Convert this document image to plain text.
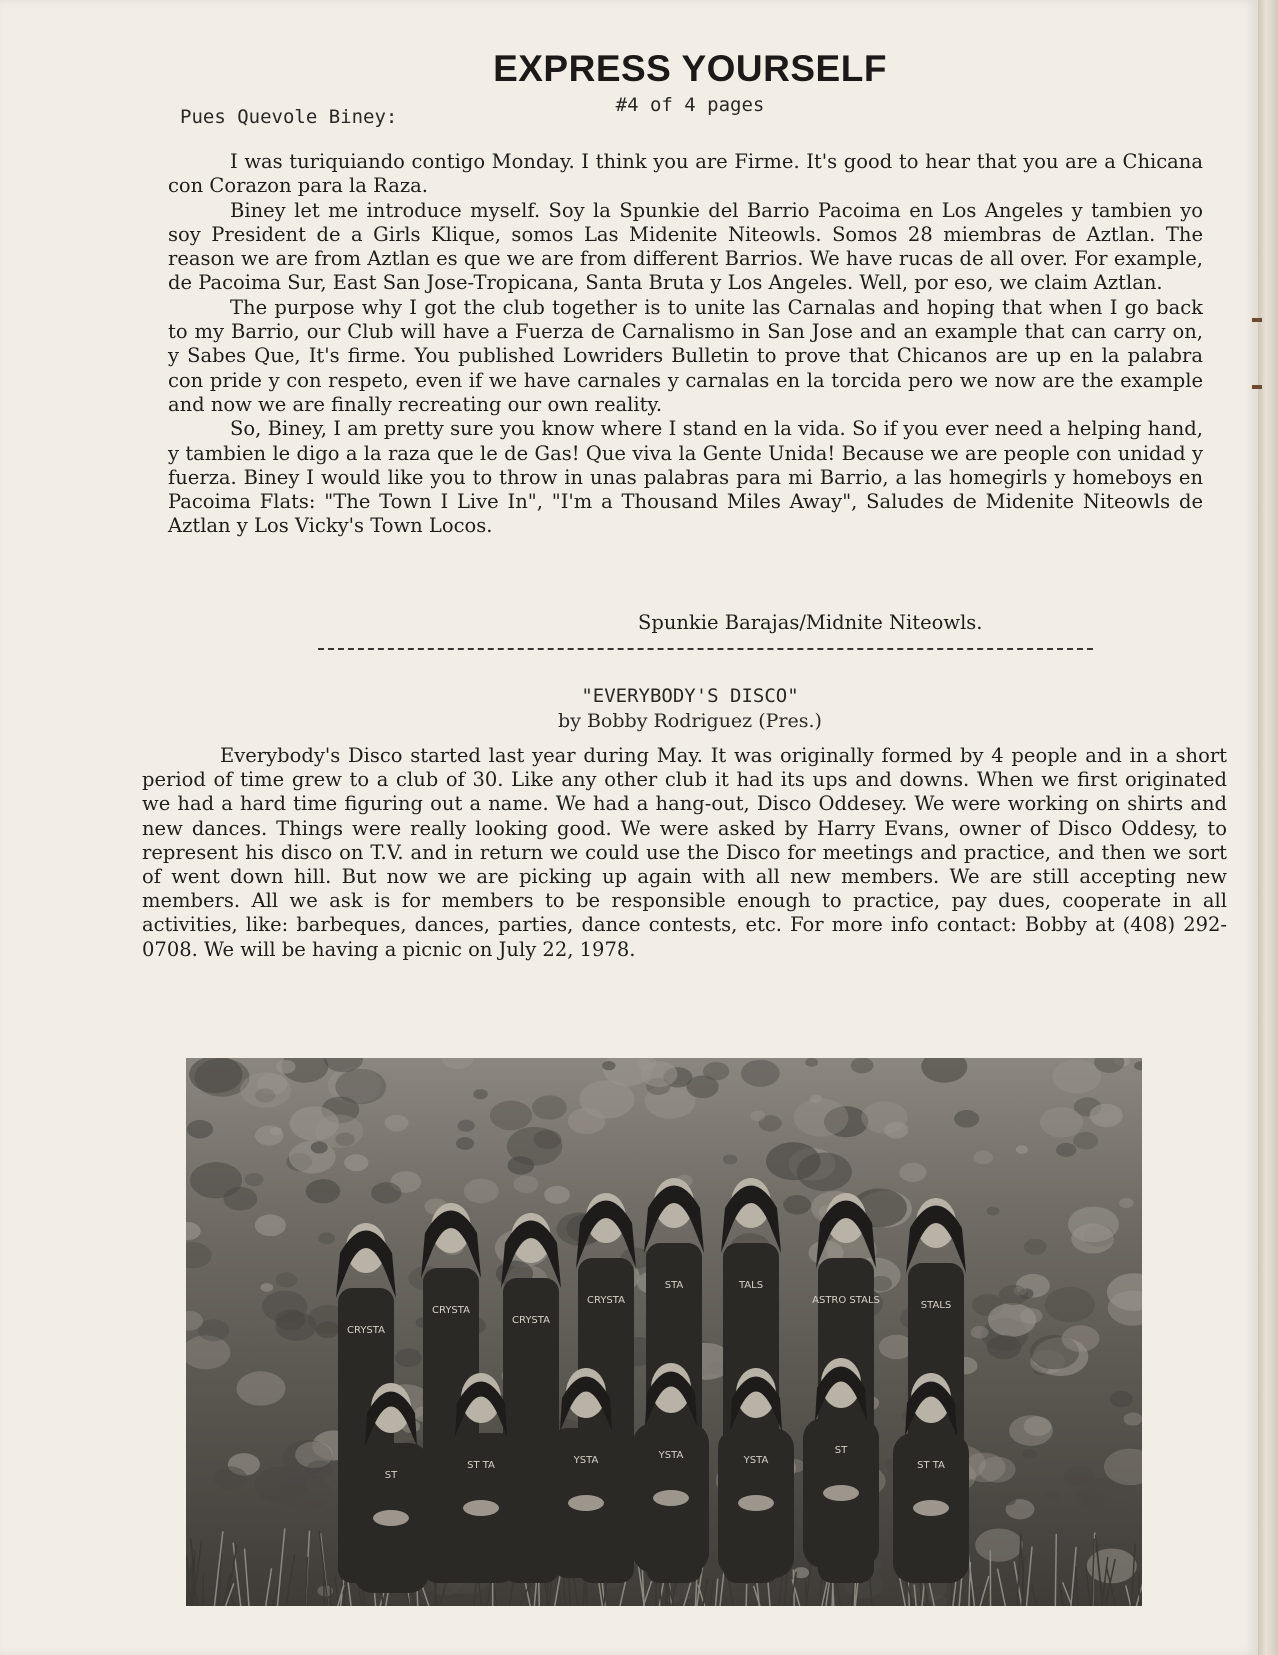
EXPRESS YOURSELF
#4 of 4 pages
Pues Quevole Biney:

I was turiquiando contigo Monday. I think you are Firme. It's good to hear that you are a Chicana con Corazon para la Raza.

Biney let me introduce myself. Soy la Spunkie del Barrio Pacoima en Los Angeles y tambien yo soy President de a Girls Klique, somos Las Midenite Niteowls. Somos 28 miembras de Aztlan. The reason we are from Aztlan es que we are from different Barrios. We have rucas de all over. For example, de Pacoima Sur, East San Jose-Tropicana, Santa Bruta y Los Angeles. Well, por eso, we claim Aztlan.

The purpose why I got the club together is to unite las Carnalas and hoping that when I go back to my Barrio, our Club will have a Fuerza de Carnalismo in San Jose and an example that can carry on, y Sabes Que, It's firme. You published Lowriders Bulletin to prove that Chicanos are up en la palabra con pride y con respeto, even if we have carnales y carnalas en la torcida pero we now are the example and now we are finally recreating our own reality.

So, Biney, I am pretty sure you know where I stand en la vida. So if you ever need a helping hand, y tambien le digo a la raza que le de Gas! Que viva la Gente Unida! Because we are people con unidad y fuerza. Biney I would like you to throw in unas palabras para mi Barrio, a las homegirls y homeboys en Pacoima Flats: "The Town I Live In", "I'm a Thousand Miles Away", Saludes de Midenite Niteowls de Aztlan y Los Vicky's Town Locos.

Spunkie Barajas/Midnite Niteowls.
"EVERYBODY'S DISCO"
by Bobby Rodriguez (Pres.)

Everybody's Disco started last year during May. It was originally formed by 4 people and in a short period of time grew to a club of 30. Like any other club it had its ups and downs. When we first originated we had a hard time figuring out a name. We had a hang-out, Disco Oddesey. We were working on shirts and new dances. Things were really looking good. We were asked by Harry Evans, owner of Disco Oddesy, to represent his disco on T.V. and in return we could use the Disco for meetings and practice, and then we sort of went down hill. But now we are picking up again with all new members. We are still accepting new members. All we ask is for members to be responsible enough to practice, pay dues, cooperate in all activities, like: barbeques, dances, parties, dance contests, etc. For more info contact: Bobby at (408) 292-0708. We will be having a picnic on July 22, 1978.

CRYSTA
CRYSTA
CRYSTA
CRYSTA
STA	TALS
ASTRO STALS	STALS
ST
ST TA	YSTA	YSTA	YSTA
ST
ST TA
